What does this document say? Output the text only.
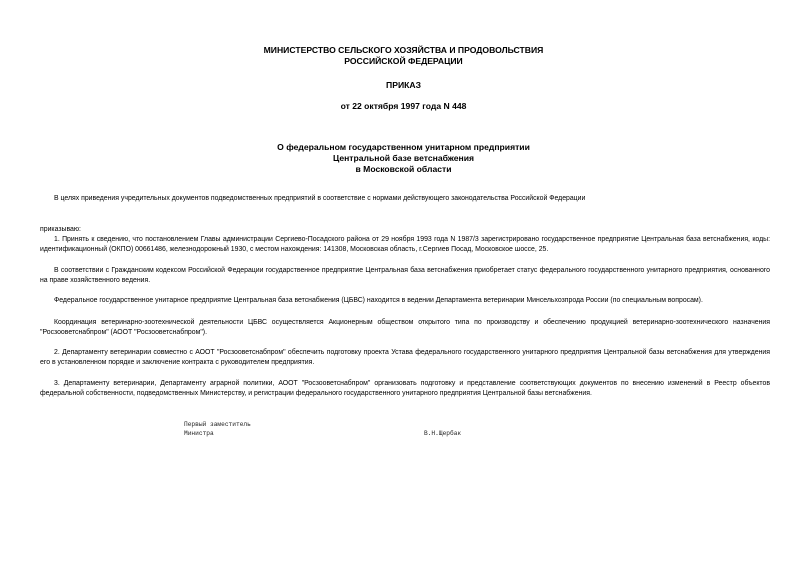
МИНИСТЕРСТВО СЕЛЬСКОГО ХОЗЯЙСТВА И ПРОДОВОЛЬСТВИЯ
РОССИЙСКОЙ ФЕДЕРАЦИИ
ПРИКАЗ
от 22 октября 1997 года N 448
О федеральном государственном унитарном предприятии
Центральной базе ветснабжения
в Московской области
В целях приведения учредительных документов подведомственных предприятий в соответствие с нормами действующего законодательства Российской Федерации
приказываю:
1. Принять к сведению, что постановлением Главы администрации Сергиево-Посадского района от 29 ноября 1993 года N 1987/3 зарегистрировано государственное предприятие Центральная база ветснабжения, коды: идентификационный (ОКПО) 00661486, железнодорожный 1930, с местом нахождения: 141308, Московская область, г.Сергиев Посад, Московское шоссе, 25.
В соответствии с Гражданским кодексом Российской Федерации государственное предприятие Центральная база ветснабжения приобретает статус федерального государственного унитарного предприятия, основанного на праве хозяйственного ведения.
Федеральное государственное унитарное предприятие Центральная база ветснабжения (ЦБВС) находится в ведении Департамента ветеринарии Минсельхозпрода России (по специальным вопросам).
Координация ветеринарно-зоотехнической деятельности ЦБВС осуществляется Акционерным обществом открытого типа по производству и обеспечению продукцией ветеринарно-зоотехнического назначения "Росзооветснабпром" (АООТ "Росзооветснабпром").
2. Департаменту ветеринарии совместно с АООТ "Росзооветснабпром" обеспечить подготовку проекта Устава федерального государственного унитарного предприятия Центральной базы ветснабжения для утверждения его в установленном порядке и заключение контракта с руководителем предприятия.
3. Департаменту ветеринарии, Департаменту аграрной политики, АООТ "Росзооветснабпром" организовать подготовку и представление соответствующих документов по внесению изменений в Реестр объектов федеральной собственности, подведомственных Министерству, и регистрации федерального государственного унитарного предприятия Центральной базы ветснабжения.
Первый заместитель
Министра	В.Н.Щербак
